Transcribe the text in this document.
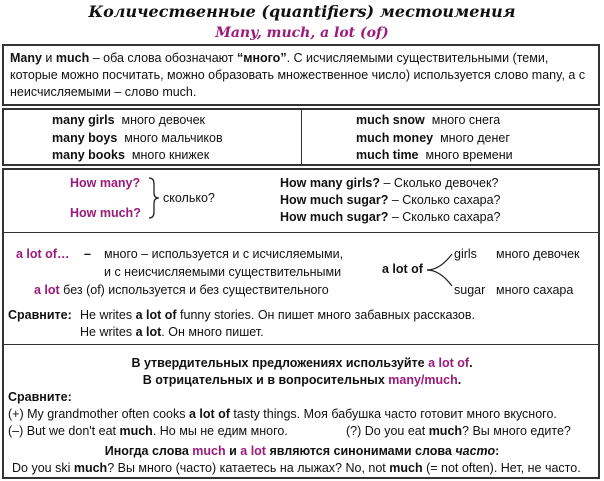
Количественные (quantifiers) местоимения
Many, much, a lot (of)
Many и much – оба слова обозначают “много”. С исчисляемыми существительными (теми, которые можно посчитать, можно образовать множественное число) используется слово many, а с неисчисляемыми – слово much.
many girls много девочек
many boys много мальчиков
many books много книжек
much snow много снега
much money много денег
much time много времени
How many?
How much?
сколько?
How many girls? – Сколько девочек?
How much sugar? – Сколько сахара?
How much sugar? – Сколько сахара?
a lot of… – много – используется и с исчисляемыми,
и с неисчисляемыми существительными
a lot без (of) используется и без существительного
a lot of
girls много девочек
sugar много сахара
Сравните: He writes a lot of funny stories. Он пишет много забавных рассказов.
He writes a lot. Он много пишет.
В утвердительных предложениях используйте a lot of.
В отрицательных и в вопросительных many/much.
Сравните:
(+) My grandmother often cooks a lot of tasty things. Моя бабушка часто готовит много вкусного.
(–) But we don't eat much. Но мы не едим много.	(?) Do you eat much? Вы много едите?
Иногда слова much и a lot являются синонимами слова часто:
Do you ski much? Вы много (часто) катаетесь на лыжах? No, not much (= not often). Нет, не часто.
